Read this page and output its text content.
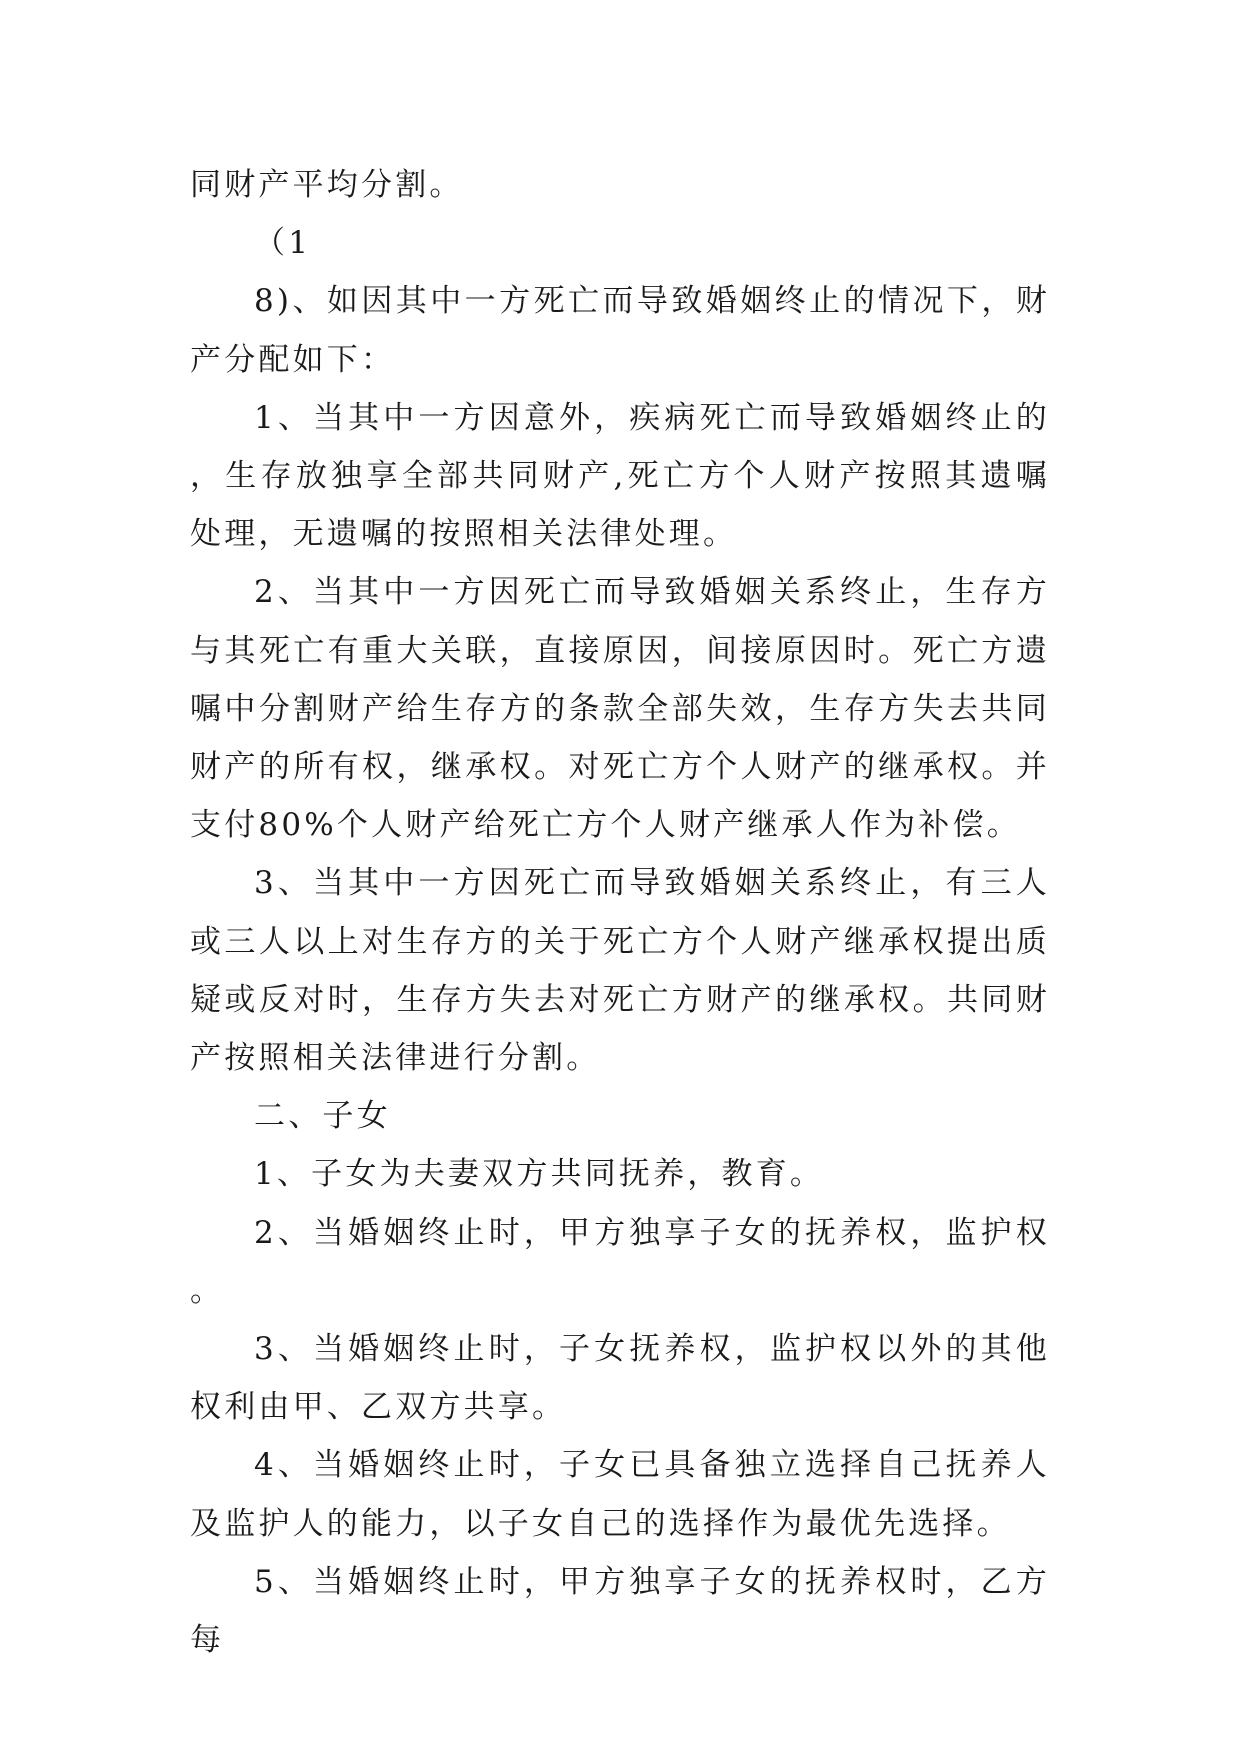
同财产平均分割。

（1

8)、如因其中一方死亡而导致婚姻终止的情况下，财产分配如下：

1、当其中一方因意外，疾病死亡而导致婚姻终止的，生存放独享全部共同财产,死亡方个人财产按照其遗嘱处理，无遗嘱的按照相关法律处理。

2、当其中一方因死亡而导致婚姻关系终止，生存方与其死亡有重大关联，直接原因，间接原因时。死亡方遗嘱中分割财产给生存方的条款全部失效，生存方失去共同财产的所有权，继承权。对死亡方个人财产的继承权。并支付80%个人财产给死亡方个人财产继承人作为补偿。

3、当其中一方因死亡而导致婚姻关系终止，有三人或三人以上对生存方的关于死亡方个人财产继承权提出质疑或反对时，生存方失去对死亡方财产的继承权。共同财产按照相关法律进行分割。

二、子女

1、子女为夫妻双方共同抚养，教育。

2、当婚姻终止时，甲方独享子女的抚养权，监护权。

3、当婚姻终止时，子女抚养权，监护权以外的其他权利由甲、乙双方共享。

4、当婚姻终止时，子女已具备独立选择自己抚养人及监护人的能力，以子女自己的选择作为最优先选择。

5、当婚姻终止时，甲方独享子女的抚养权时，乙方每
